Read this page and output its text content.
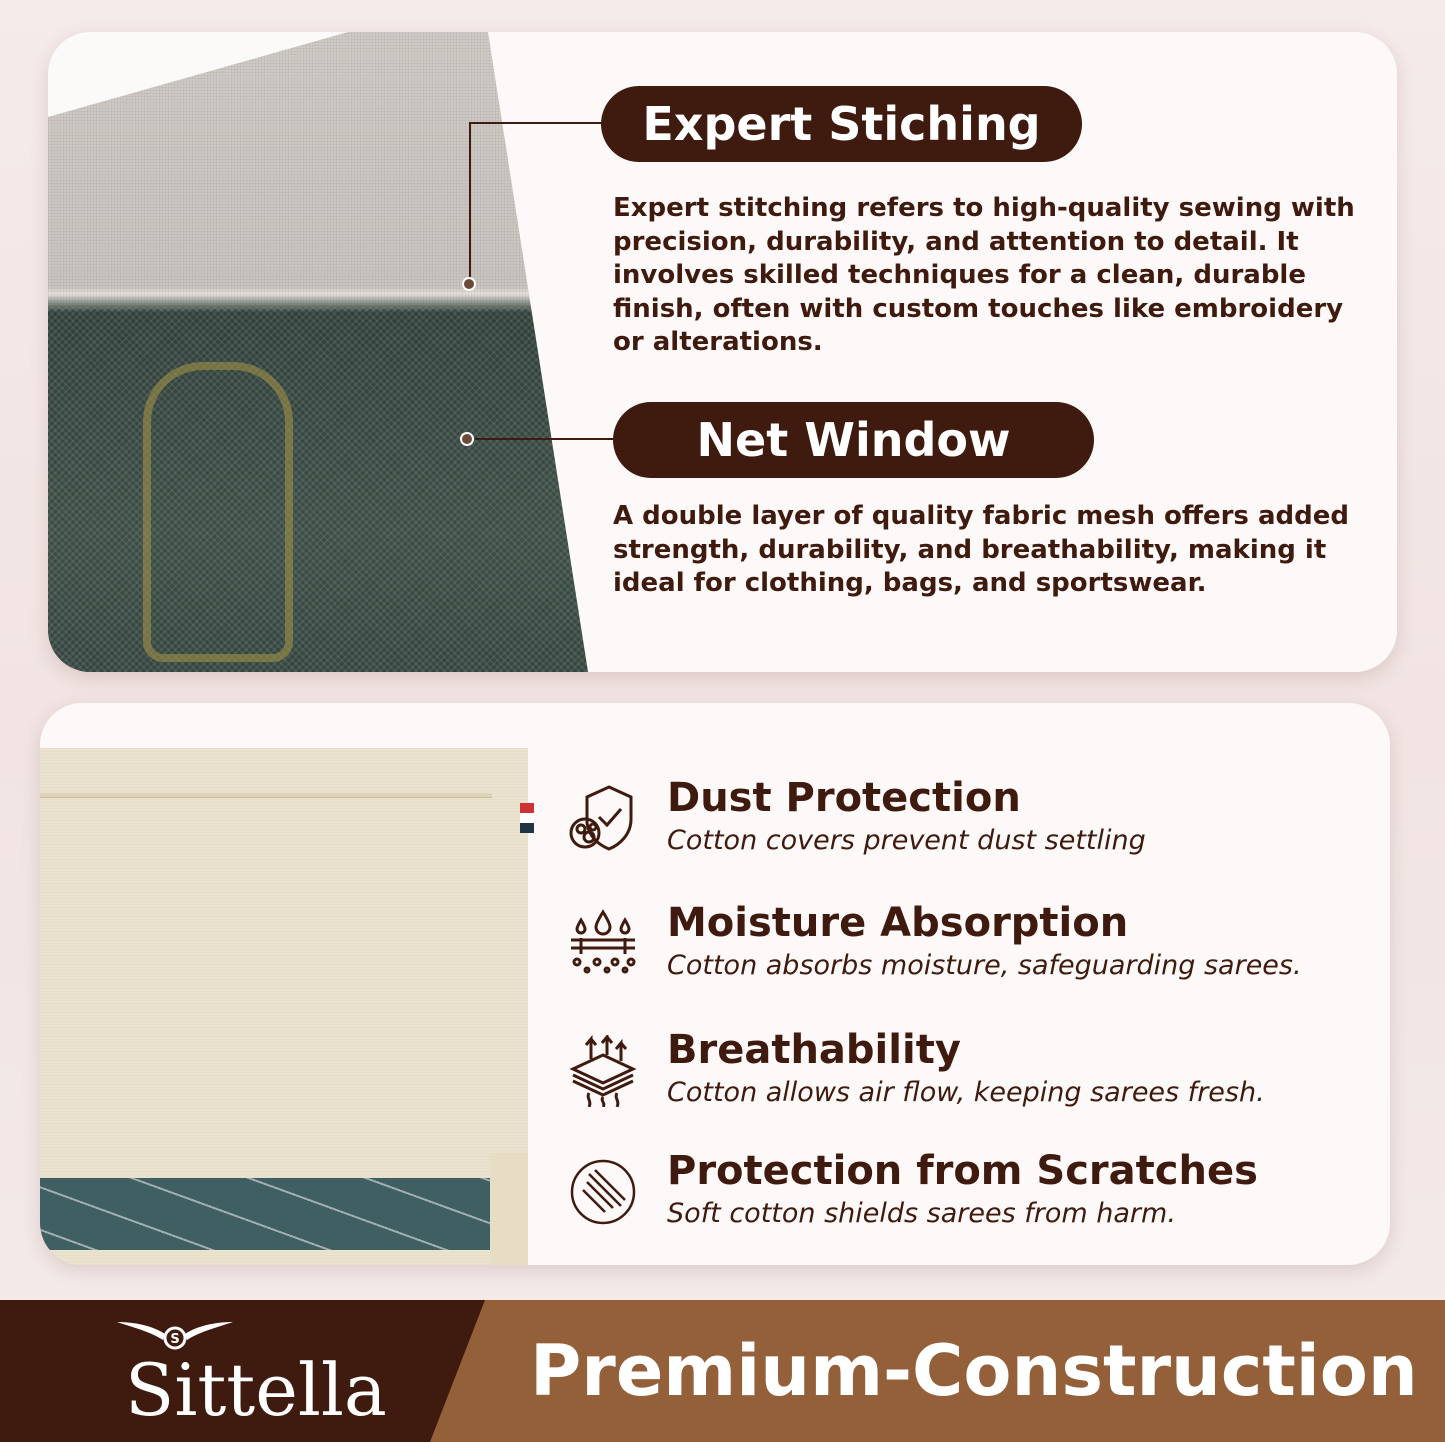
Expert Stiching
Expert stitching refers to high-quality sewing with precision, durability, and attention to detail. It involves skilled techniques for a clean, durable finish, often with custom touches like embroidery or alterations.
Net Window
A double layer of quality fabric mesh offers added strength, durability, and breathability, making it ideal for clothing, bags, and sportswear.
Dust Protection

Cotton covers prevent dust settling

Moisture Absorption

Cotton absorbs moisture, safeguarding sarees.

Breathability

Cotton allows air flow, keeping sarees fresh.

Protection from Scratches

Soft cotton shields sarees from harm.

Premium-Construction
S
Sittella
